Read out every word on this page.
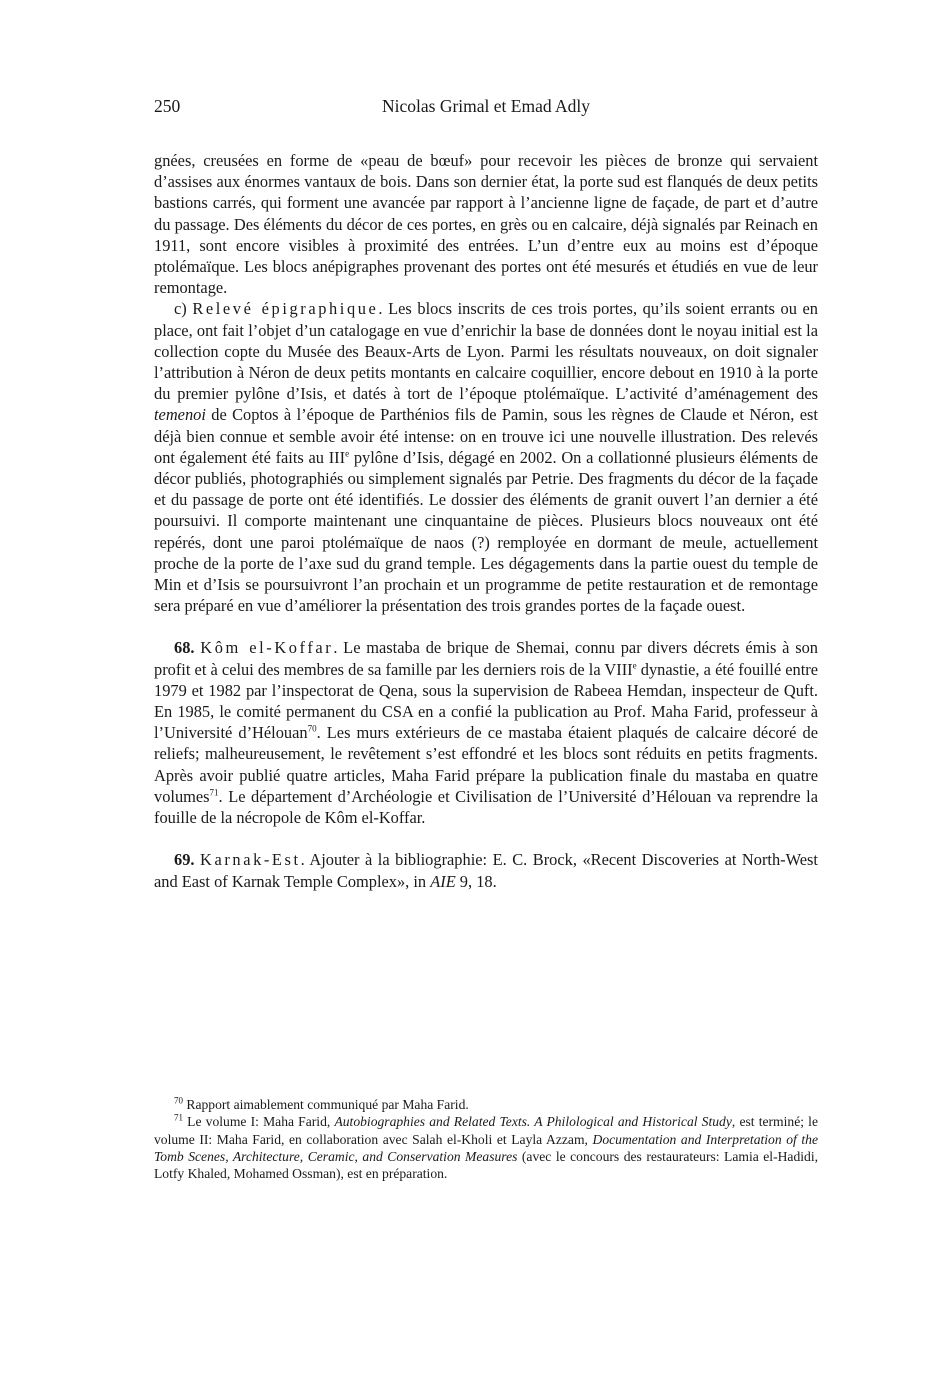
250	Nicolas Grimal et Emad Adly

gnées, creusées en forme de «peau de bœuf» pour recevoir les pièces de bronze qui servaient d’assises aux énormes vantaux de bois. Dans son dernier état, la porte sud est flanqués de deux petits bastions carrés, qui forment une avancée par rapport à l’ancienne ligne de façade, de part et d’autre du passage. Des éléments du décor de ces portes, en grès ou en calcaire, déjà signalés par Reinach en 1911, sont encore visibles à proximité des entrées. L’un d’entre eux au moins est d’époque ptolémaïque. Les blocs anépigraphes provenant des portes ont été mesurés et étudiés en vue de leur remontage.

c) Relevé épigraphique. Les blocs inscrits de ces trois portes, qu’ils soient errants ou en place, ont fait l’objet d’un catalogage en vue d’enrichir la base de données dont le noyau initial est la collection copte du Musée des Beaux-Arts de Lyon. Parmi les résultats nouveaux, on doit signaler l’attribution à Néron de deux petits montants en calcaire coquillier, encore debout en 1910 à la porte du premier pylône d’Isis, et datés à tort de l’époque ptolémaïque. L’activité d’aménagement des temenoi de Coptos à l’époque de Parthénios fils de Pamin, sous les règnes de Claude et Néron, est déjà bien connue et semble avoir été intense: on en trouve ici une nouvelle illustration. Des relevés ont également été faits au IIIe pylône d’Isis, dégagé en 2002. On a collationné plusieurs éléments de décor publiés, photographiés ou simplement signalés par Petrie. Des fragments du décor de la façade et du passage de porte ont été identifiés. Le dossier des éléments de granit ouvert l’an dernier a été poursuivi. Il comporte maintenant une cinquantaine de pièces. Plusieurs blocs nouveaux ont été repérés, dont une paroi ptolémaïque de naos (?) remployée en dormant de meule, actuellement proche de la porte de l’axe sud du grand temple. Les dégagements dans la partie ouest du temple de Min et d’Isis se poursuivront l’an prochain et un programme de petite restauration et de remontage sera préparé en vue d’améliorer la présentation des trois grandes portes de la façade ouest.

68. Kôm el-Koffar. Le mastaba de brique de Shemai, connu par divers décrets émis à son profit et à celui des membres de sa famille par les derniers rois de la VIIIe dynastie, a été fouillé entre 1979 et 1982 par l’inspectorat de Qena, sous la supervision de Rabeea Hemdan, inspecteur de Quft. En 1985, le comité permanent du CSA en a confié la publication au Prof. Maha Farid, professeur à l’Université d’Hélouan$^{70}$. Les murs extérieurs de ce mastaba étaient plaqués de calcaire décoré de reliefs; malheureusement, le revêtement s’est effondré et les blocs sont réduits en petits fragments. Après avoir publié quatre articles, Maha Farid prépare la publication finale du mastaba en quatre volumes$^{71}$. Le département d’Archéologie et Civilisation de l’Université d’Hélouan va reprendre la fouille de la nécropole de Kôm el-Koffar.

69. Karnak-Est. Ajouter à la bibliographie: E. C. Brock, «Recent Discoveries at North-West and East of Karnak Temple Complex», in AIE 9, 18.

$^{70}$ Rapport aimablement communiqué par Maha Farid.

$^{71}$ Le volume I: Maha Farid, Autobiographies and Related Texts. A Philological and Historical Study, est terminé; le volume II: Maha Farid, en collaboration avec Salah el-Kholi et Layla Azzam, Documentation and Interpretation of the Tomb Scenes, Architecture, Ceramic, and Conservation Measures (avec le concours des restaurateurs: Lamia el-Hadidi, Lotfy Khaled, Mohamed Ossman), est en préparation.
